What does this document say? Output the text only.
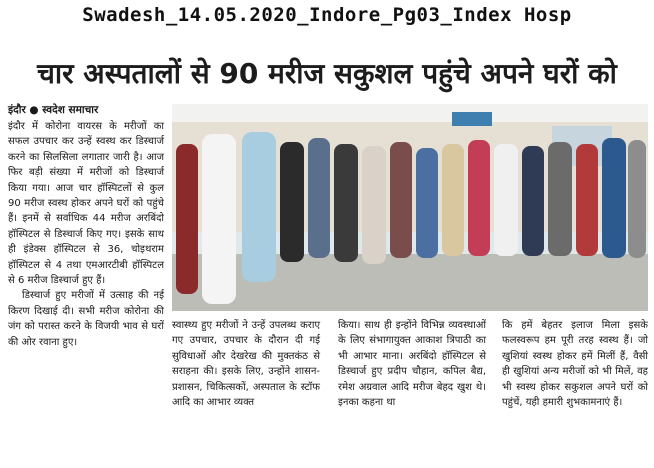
Swadesh_14.05.2020_Indore_Pg03_Index Hosp
चार अस्पतालों से 90 मरीज सकुशल पहुंचे अपने घरों को
इंदौर ● स्वदेश समाचार

इंदौर में कोरोना वायरस के मरीजों का सफल उपचार कर उन्हें स्वस्थ कर डिस्चार्ज करने का सिलसिला लगातार जारी है। आज फिर बड़ी संख्या में मरीजों को डिस्चार्ज किया गया। आज चार हॉस्पिटलों से कुल 90 मरीज स्वस्थ होकर अपने घरों को पहुंचे हैं। इनमें से सर्वाधिक 44 मरीज अरबिंदो हॉस्पिटल से डिस्चार्ज किए गए। इसके साथ ही इंडेक्स हॉस्पिटल से 36, चोइथराम हॉस्पिटल से 4 तथा एमआरटीबी हॉस्पिटल से 6 मरीज डिस्चार्ज हुए हैं।

डिस्चार्ज हुए मरीजों में उत्साह की नई किरण दिखाई दी। सभी मरीज कोरोना की जंग को परास्त करने के विजयी भाव से घरों की ओर रवाना हुए।

स्वास्थ्य हुए मरीजों ने उन्हें उपलब्ध कराए गए उपचार, उपचार के दौरान दी गई सुविधाओं और देखरेख की मुक्तकंठ से सराहना की। इसके लिए, उन्होंने शासन-प्रशासन, चिकित्सकों, अस्पताल के स्टॉफ आदि का आभार व्यक्त

किया। साथ ही इन्होंने विभिन्न व्यवस्थाओं के लिए संभागायुक्त आकाश त्रिपाठी का भी आभार माना। अरबिंदो हॉस्पिटल से डिस्चार्ज हुए प्रदीप चौहान, कपिल बैद्य, रमेश अग्रवाल आदि मरीज बेहद खुश थे। इनका कहना था

कि हमें बेहतर इलाज मिला इसके फलस्वरूप हम पूरी तरह स्वस्थ हैं। जो खुशियां स्वस्थ होकर हमें मिलीं हैं, वैसी ही खुशियां अन्य मरीजों को भी मिलें, वह भी स्वस्थ होकर सकुशल अपने घरों को पहुंचें, यही हमारी शुभकामनाएं हैं।
